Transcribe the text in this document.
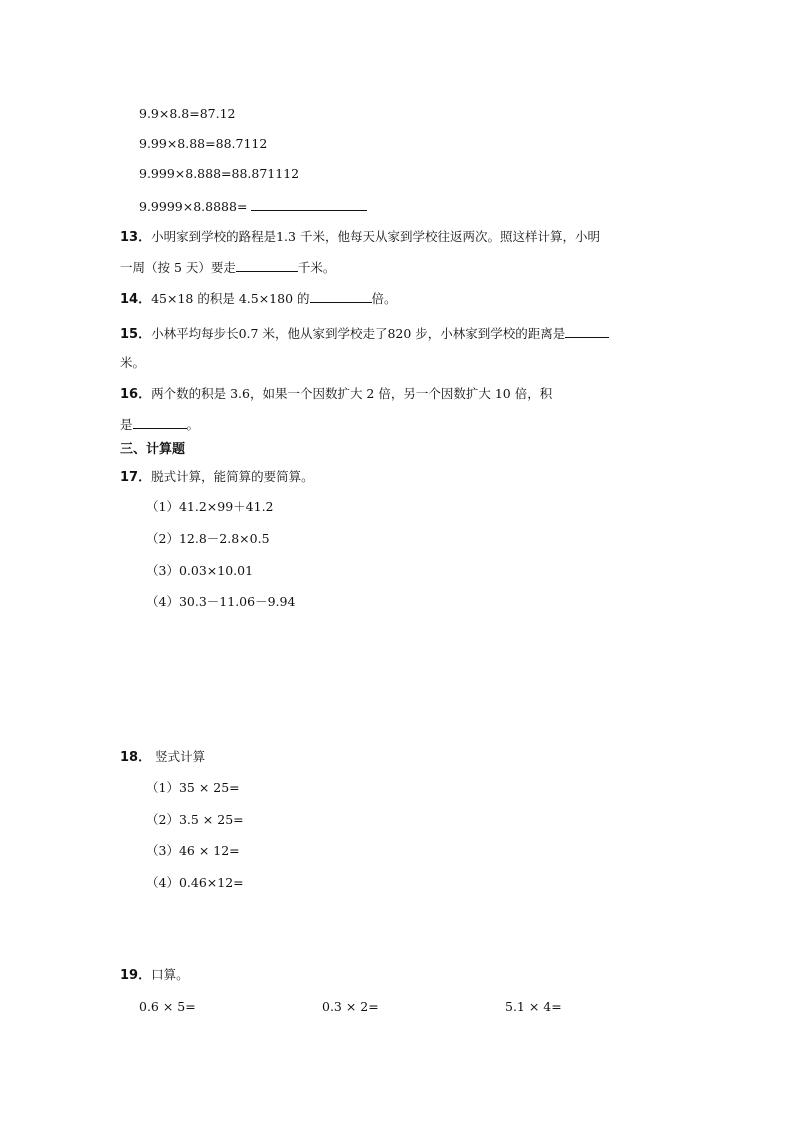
9.9×8.8=87.12
9.99×8.88=88.7112
9.999×8.888=88.871112
9.9999×8.8888=
13．小明家到学校的路程是1.3 千米，他每天从家到学校往返两次。照这样计算，小明
一周（按 5 天）要走	千米。
14．45×18 的积是 4.5×180 的	倍。
15．小林平均每步长0.7 米，他从家到学校走了820 步，小林家到学校的距离是
米。
16．两个数的积是 3.6，如果一个因数扩大 2 倍，另一个因数扩大 10 倍，积
是	。
三、计算题
17．脱式计算，能简算的要简算。
（1）41.2×99＋41.2
（2）12.8－2.8×0.5
（3）0.03×10.01
（4）30.3－11.06－9.94
18． 竖式计算
（1）35 × 25=
（2）3.5 × 25=
（3）46 × 12=
（4）0.46×12=
19．口算。
0.6 × 5=	0.3 × 2=	5.1 × 4=
